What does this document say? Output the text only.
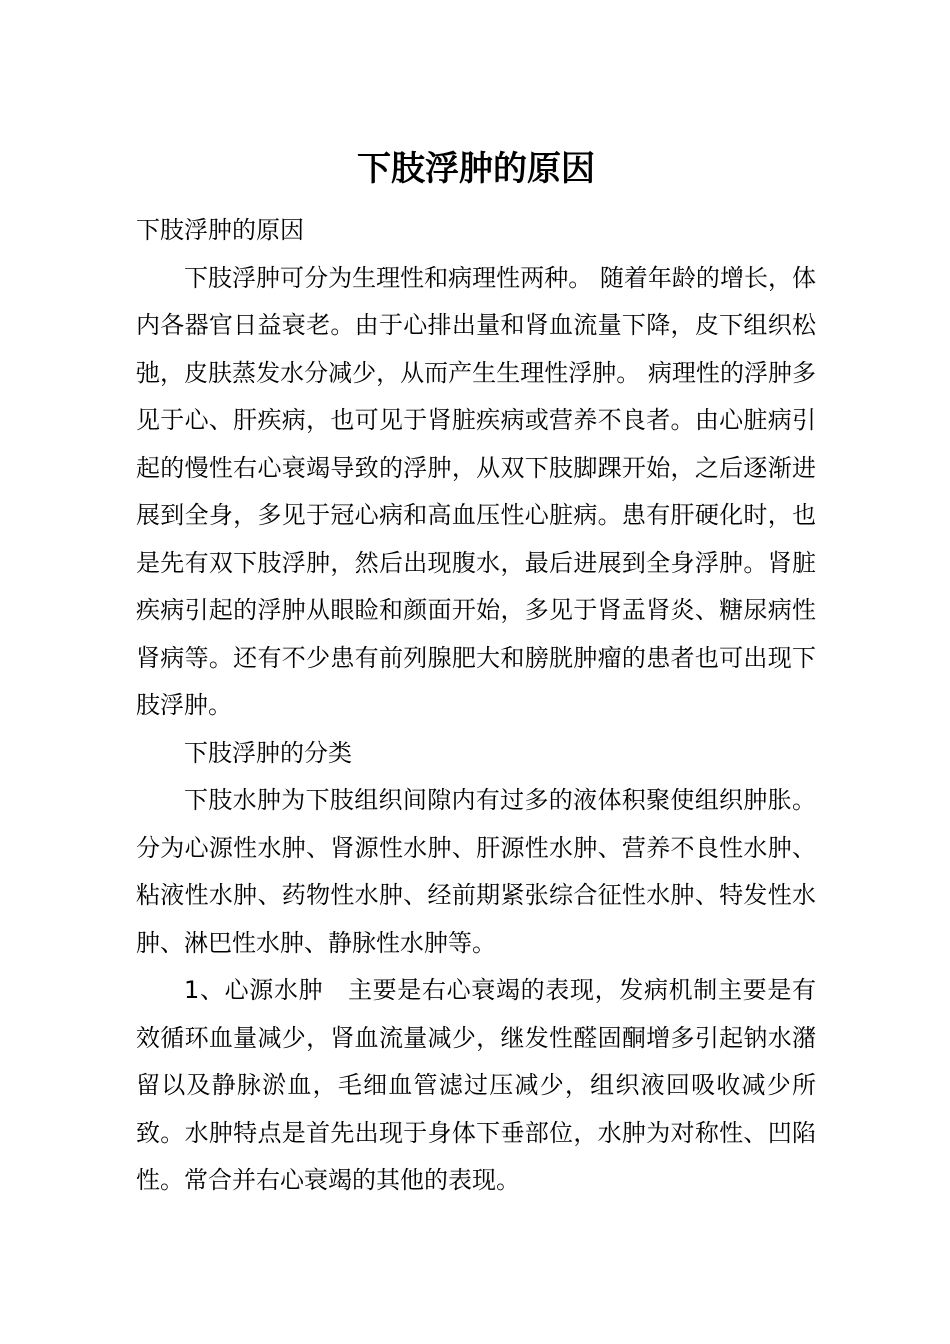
下肢浮肿的原因

下肢浮肿的原因

下肢浮肿可分为生理性和病理性两种。 随着年龄的增长，体内各器官日益衰老。由于心排出量和肾血流量下降，皮下组织松弛，皮肤蒸发水分减少，从而产生生理性浮肿。 病理性的浮肿多见于心、肝疾病，也可见于肾脏疾病或营养不良者。由心脏病引起的慢性右心衰竭导致的浮肿，从双下肢脚踝开始，之后逐渐进展到全身，多见于冠心病和高血压性心脏病。患有肝硬化时，也是先有双下肢浮肿，然后出现腹水，最后进展到全身浮肿。肾脏疾病引起的浮肿从眼睑和颜面开始，多见于肾盂肾炎、糖尿病性肾病等。还有不少患有前列腺肥大和膀胱肿瘤的患者也可出现下肢浮肿。

下肢浮肿的分类

下肢水肿为下肢组织间隙内有过多的液体积聚使组织肿胀。分为心源性水肿、肾源性水肿、肝源性水肿、营养不良性水肿、粘液性水肿、药物性水肿、经前期紧张综合征性水肿、特发性水肿、淋巴性水肿、静脉性水肿等。

1、心源水肿　主要是右心衰竭的表现，发病机制主要是有效循环血量减少，肾血流量减少，继发性醛固酮增多引起钠水潴留以及静脉淤血，毛细血管滤过压减少，组织液回吸收减少所致。水肿特点是首先出现于身体下垂部位，水肿为对称性、凹陷性。常合并右心衰竭的其他的表现。
